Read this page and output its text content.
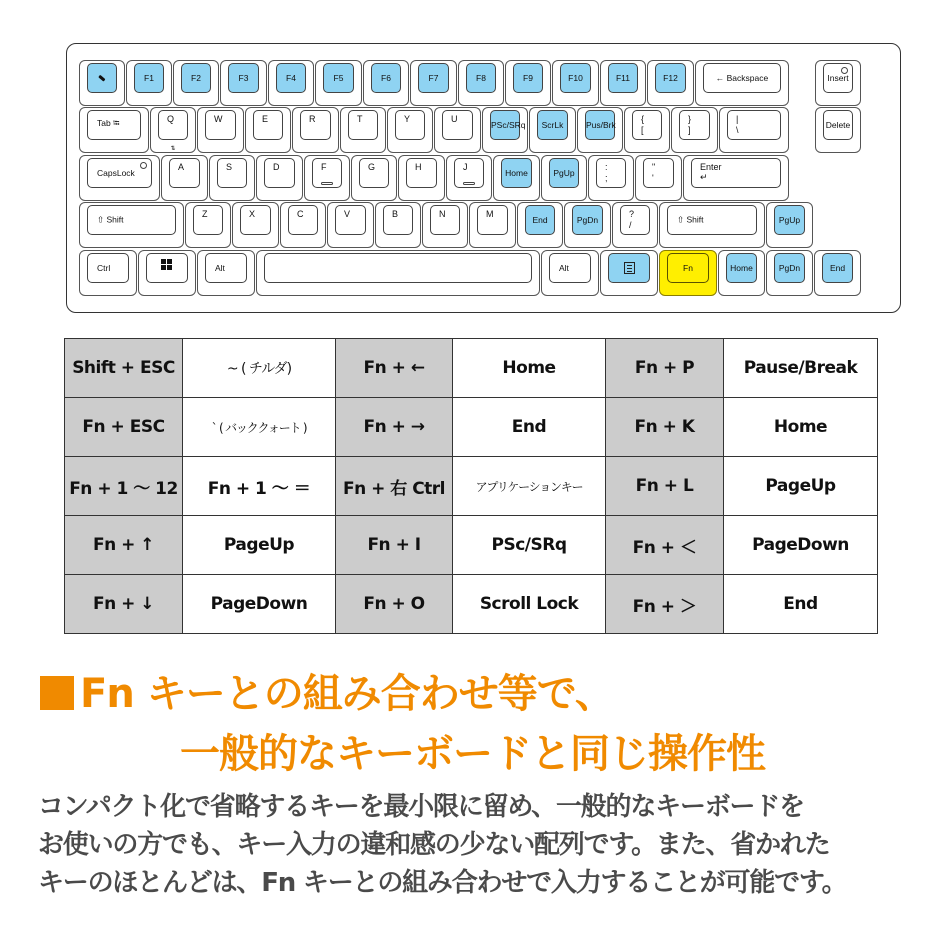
F1	F2	F3	F4	F5	F6	F7	F8	F9	F10	F11	F12	← Backspace	Insert
Tab ⭾	Q
⇅
W	E	R	T	Y	U
PSc/SRq	ScrLk	Pus/Brk
{
[
}
]
|
\	Delete
CapsLock
A	S	D	F	G	H	J
Home	PgUp
:
;
"
'
Enter
↵
⇧ Shift
Z	X	C	V	B	N	M
End	PgDn
?
/
⇧ Shift	PgUp
Ctrl	Alt	Alt	Fn	Home	PgDn	End
Shift + ESC	~ ( チルダ)	Fn + ←	Home	Fn + P	Pause/Break
Fn + ESC	` ( バッククォート )	Fn + →	End	Fn + K	Home
Fn + 1 ～ 12	Fn + 1 ～ ＝	Fn + 右 Ctrl	アプリケーションキー	Fn + L	PageUp
Fn + ↑	PageUp	Fn + I	PSc/SRq	Fn + ＜	PageDown
Fn + ↓	PageDown	Fn + O	Scroll Lock	Fn + ＞	End
Fn キーとの組み合わせ等で、
一般的なキーボードと同じ操作性
コンパクト化で省略するキーを最小限に留め、一般的なキーボードを
お使いの方でも、キー入力の違和感の少ない配列です。また、省かれた
キーのほとんどは、Fn キーとの組み合わせで入力することが可能です。
